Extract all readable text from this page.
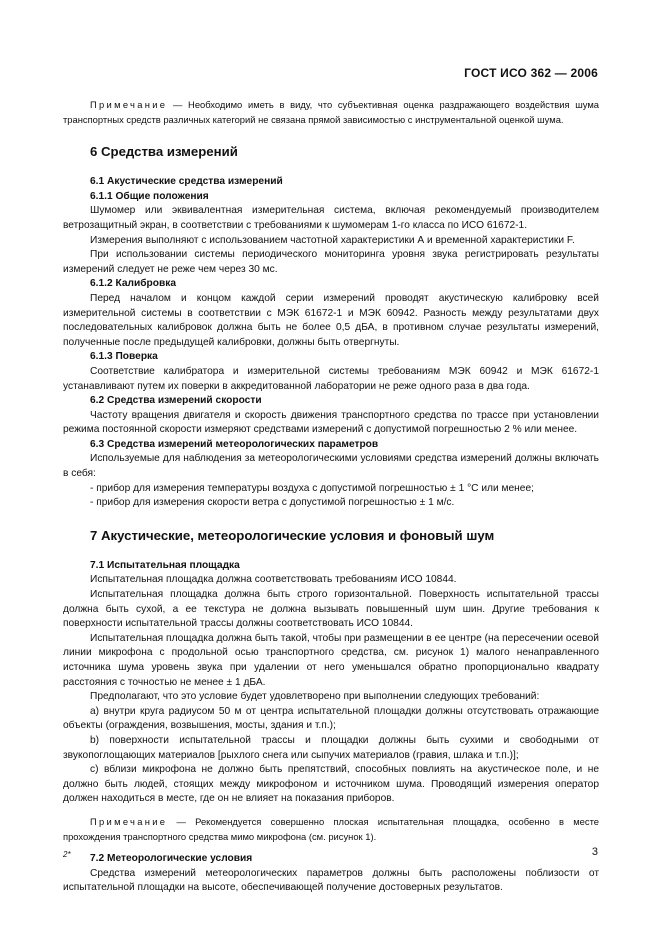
ГОСТ ИСО 362 — 2006

Примечание — Необходимо иметь в виду, что субъективная оценка раздражающего воздействия шума транспортных средств различных категорий не связана прямой зависимостью с инструментальной оценкой шума.

6 Средства измерений
6.1 Акустические средства измерений
6.1.1 Общие положения

Шумомер или эквивалентная измерительная система, включая рекомендуемый производителем ветрозащитный экран, в соответствии с требованиями к шумомерам 1-го класса по ИСО 61672-1.

Измерения выполняют с использованием частотной характеристики А и временной характеристики F.

При использовании системы периодического мониторинга уровня звука регистрировать результаты измерений следует не реже чем через 30 мс.

6.1.2 Калибровка

Перед началом и концом каждой серии измерений проводят акустическую калибровку всей измерительной системы в соответствии с МЭК 61672-1 и МЭК 60942. Разность между результатами двух последовательных калибровок должна быть не более 0,5 дБА, в противном случае результаты измерений, полученные после предыдущей калибровки, должны быть отвергнуты.

6.1.3 Поверка

Соответствие калибратора и измерительной системы требованиям МЭК 60942 и МЭК 61672-1 устанавливают путем их поверки в аккредитованной лаборатории не реже одного раза в два года.

6.2 Средства измерений скорости

Частоту вращения двигателя и скорость движения транспортного средства по трассе при установлении режима постоянной скорости измеряют средствами измерений с допустимой погрешностью 2 % или менее.

6.3 Средства измерений метеорологических параметров

Используемые для наблюдения за метеорологическими условиями средства измерений должны включать в себя:

- прибор для измерения температуры воздуха с допустимой погрешностью ± 1 °С или менее;

- прибор для измерения скорости ветра с допустимой погрешностью ± 1 м/с.

7 Акустические, метеорологические условия и фоновый шум
7.1 Испытательная площадка

Испытательная площадка должна соответствовать требованиям ИСО 10844.

Испытательная площадка должна быть строго горизонтальной. Поверхность испытательной трассы должна быть сухой, а ее текстура не должна вызывать повышенный шум шин. Другие требования к поверхности испытательной трассы должны соответствовать ИСО 10844.

Испытательная площадка должна быть такой, чтобы при размещении в ее центре (на пересечении осевой линии микрофона с продольной осью транспортного средства, см. рисунок 1) малого ненаправленного источника шума уровень звука при удалении от него уменьшался обратно пропорционально квадрату расстояния с точностью не менее ± 1 дБА.

Предполагают, что это условие будет удовлетворено при выполнении следующих требований:

а) внутри круга радиусом 50 м от центра испытательной площадки должны отсутствовать отражающие объекты (ограждения, возвышения, мосты, здания и т.п.);

b) поверхности испытательной трассы и площадки должны быть сухими и свободными от звукопоглощающих материалов [рыхлого снега или сыпучих материалов (гравия, шлака и т.п.)];

с) вблизи микрофона не должно быть препятствий, способных повлиять на акустическое поле, и не должно быть людей, стоящих между микрофоном и источником шума. Проводящий измерения оператор должен находиться в месте, где он не влияет на показания приборов.

Примечание — Рекомендуется совершенно плоская испытательная площадка, особенно в месте прохождения транспортного средства мимо микрофона (см. рисунок 1).

7.2 Метеорологические условия

Средства измерений метеорологических параметров должны быть расположены поблизости от испытательной площадки на высоте, обеспечивающей получение достоверных результатов.

2*	3
